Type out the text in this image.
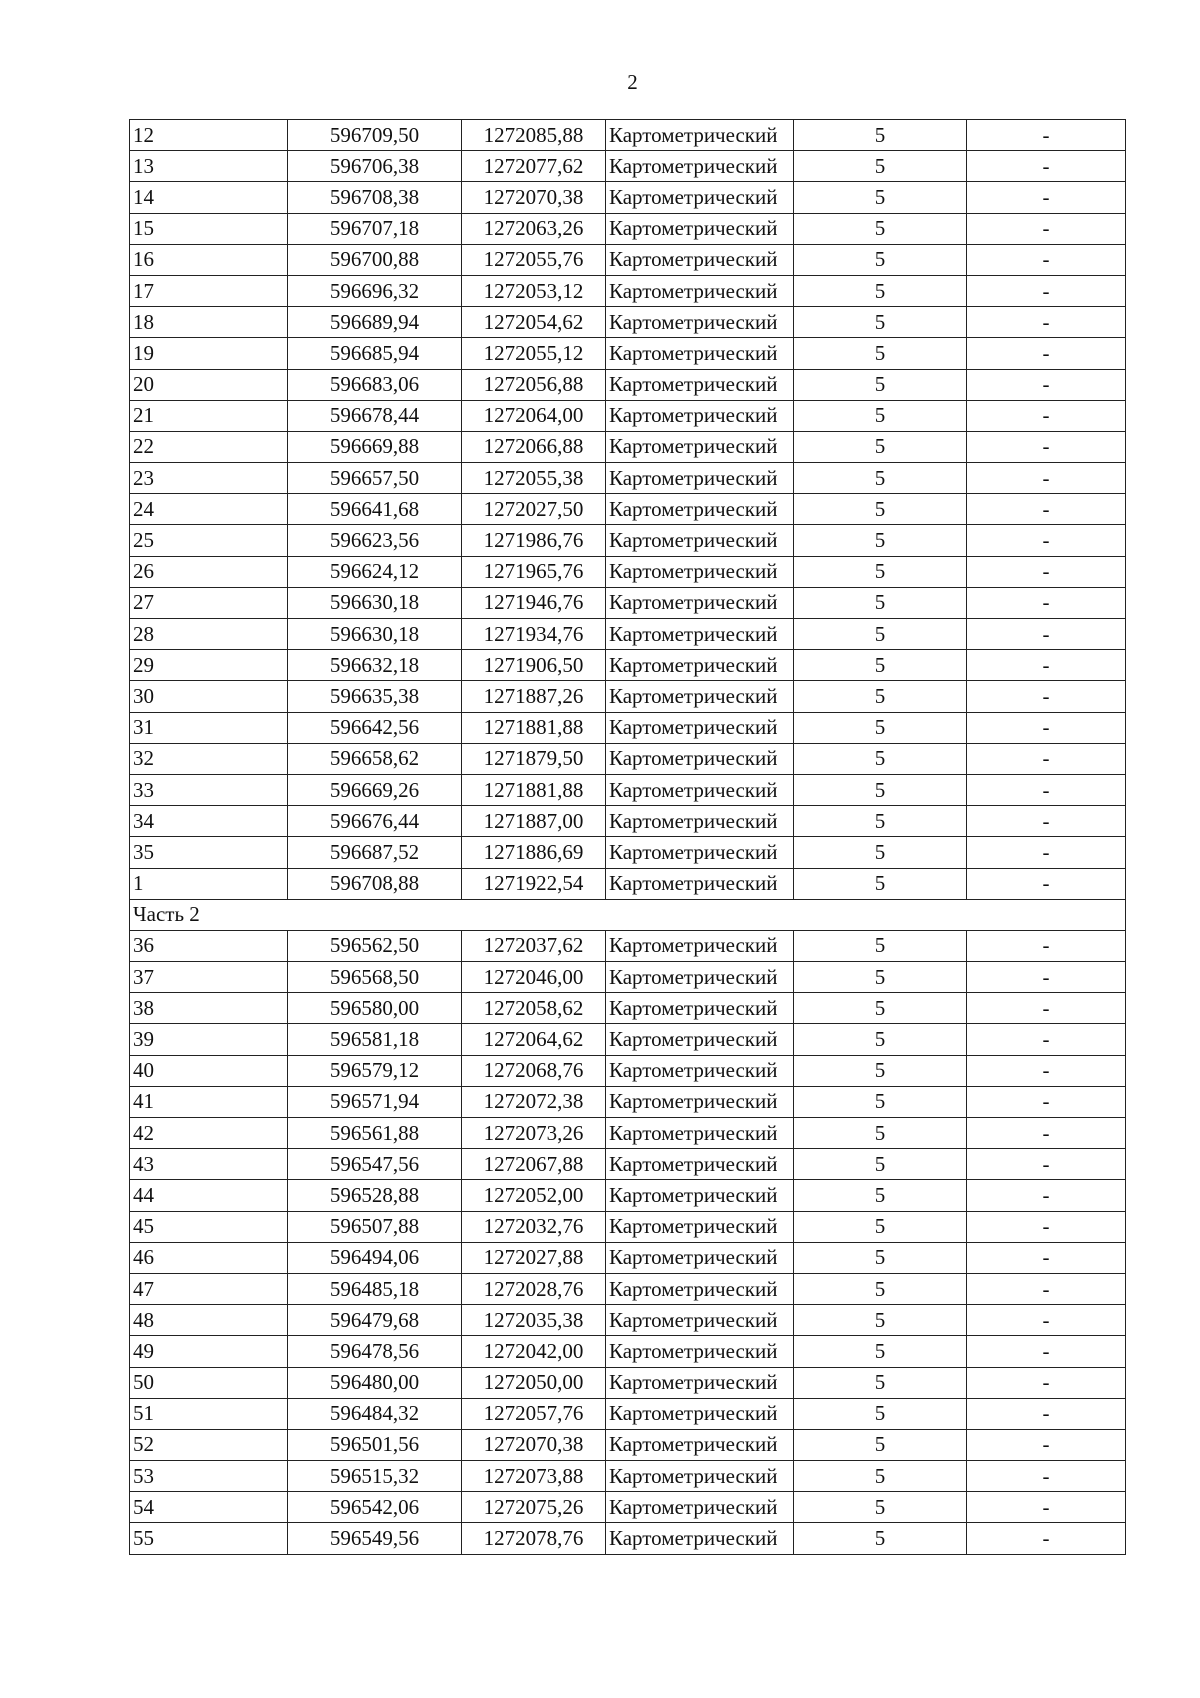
2
12	596709,50	1272085,88	Картометрический	5	-
13	596706,38	1272077,62	Картометрический	5	-
14	596708,38	1272070,38	Картометрический	5	-
15	596707,18	1272063,26	Картометрический	5	-
16	596700,88	1272055,76	Картометрический	5	-
17	596696,32	1272053,12	Картометрический	5	-
18	596689,94	1272054,62	Картометрический	5	-
19	596685,94	1272055,12	Картометрический	5	-
20	596683,06	1272056,88	Картометрический	5	-
21	596678,44	1272064,00	Картометрический	5	-
22	596669,88	1272066,88	Картометрический	5	-
23	596657,50	1272055,38	Картометрический	5	-
24	596641,68	1272027,50	Картометрический	5	-
25	596623,56	1271986,76	Картометрический	5	-
26	596624,12	1271965,76	Картометрический	5	-
27	596630,18	1271946,76	Картометрический	5	-
28	596630,18	1271934,76	Картометрический	5	-
29	596632,18	1271906,50	Картометрический	5	-
30	596635,38	1271887,26	Картометрический	5	-
31	596642,56	1271881,88	Картометрический	5	-
32	596658,62	1271879,50	Картометрический	5	-
33	596669,26	1271881,88	Картометрический	5	-
34	596676,44	1271887,00	Картометрический	5	-
35	596687,52	1271886,69	Картометрический	5	-
1	596708,88	1271922,54	Картометрический	5	-
Часть 2					
36	596562,50	1272037,62	Картометрический	5	-
37	596568,50	1272046,00	Картометрический	5	-
38	596580,00	1272058,62	Картометрический	5	-
39	596581,18	1272064,62	Картометрический	5	-
40	596579,12	1272068,76	Картометрический	5	-
41	596571,94	1272072,38	Картометрический	5	-
42	596561,88	1272073,26	Картометрический	5	-
43	596547,56	1272067,88	Картометрический	5	-
44	596528,88	1272052,00	Картометрический	5	-
45	596507,88	1272032,76	Картометрический	5	-
46	596494,06	1272027,88	Картометрический	5	-
47	596485,18	1272028,76	Картометрический	5	-
48	596479,68	1272035,38	Картометрический	5	-
49	596478,56	1272042,00	Картометрический	5	-
50	596480,00	1272050,00	Картометрический	5	-
51	596484,32	1272057,76	Картометрический	5	-
52	596501,56	1272070,38	Картометрический	5	-
53	596515,32	1272073,88	Картометрический	5	-
54	596542,06	1272075,26	Картометрический	5	-
55	596549,56	1272078,76	Картометрический	5	-
